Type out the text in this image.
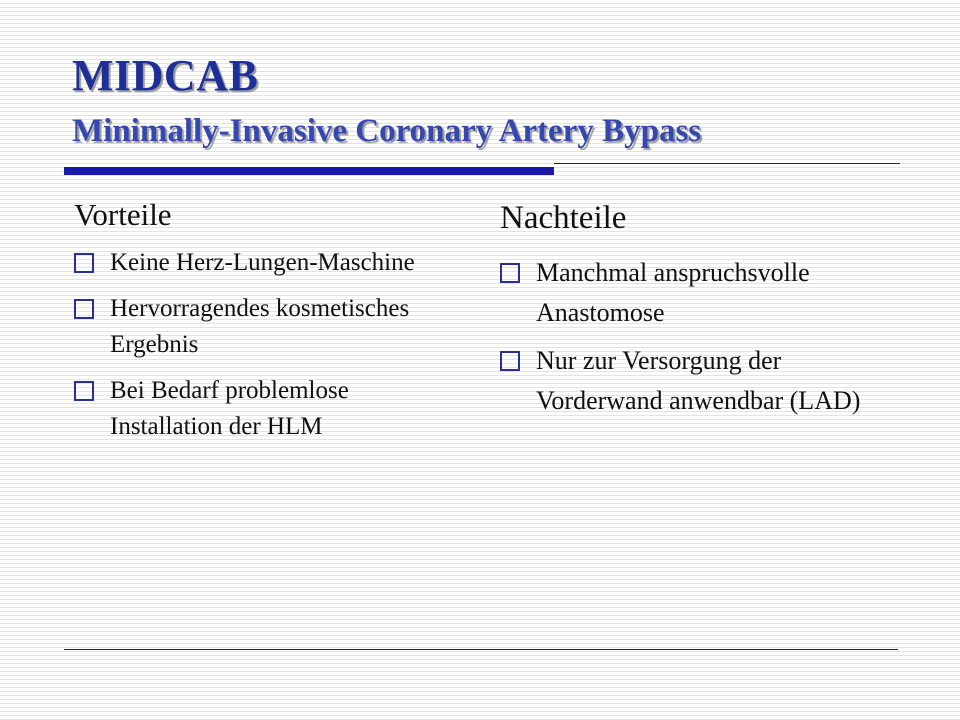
MIDCAB
Minimally-Invasive Coronary Artery Bypass
Vorteile
Keine Herz-Lungen-Maschine
Hervorragendes kosmetisches Ergebnis
Bei Bedarf problemlose Installation der HLM
Nachteile
Manchmal anspruchsvolle Anastomose
Nur zur Versorgung der Vorderwand anwendbar (LAD)
